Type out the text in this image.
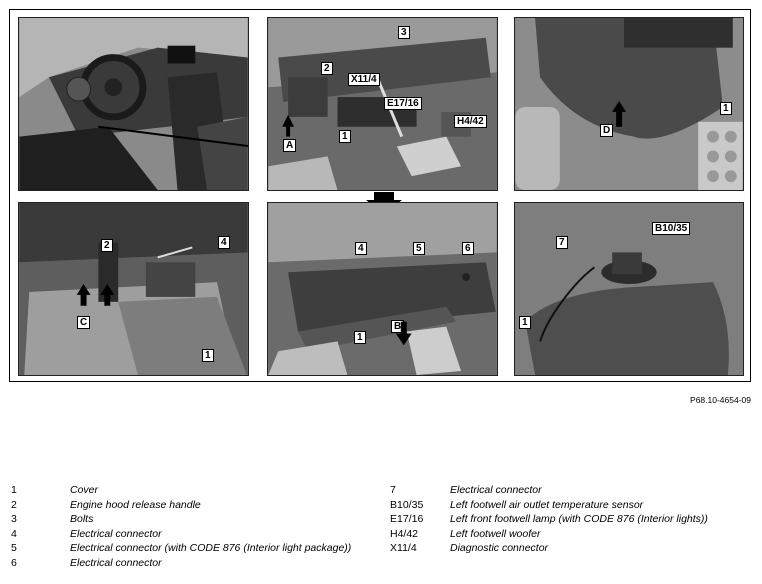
3
2
X11/4
E17/16
H4/42
1
A
1
D
2	4
C
1
4	5	6
1
B
7
B10/35
1
P68.10-4654-09
1	Cover
2	Engine hood release handle
3	Bolts
4	Electrical connector
5	Electrical connector (with CODE 876 (Interior light package))
6	Electrical connector
7	Electrical connector
B10/35	Left footwell air outlet temperature sensor
E17/16	Left front footwell lamp (with CODE 876 (Interior lights))
H4/42	Left footwell woofer
X11/4	Diagnostic connector
